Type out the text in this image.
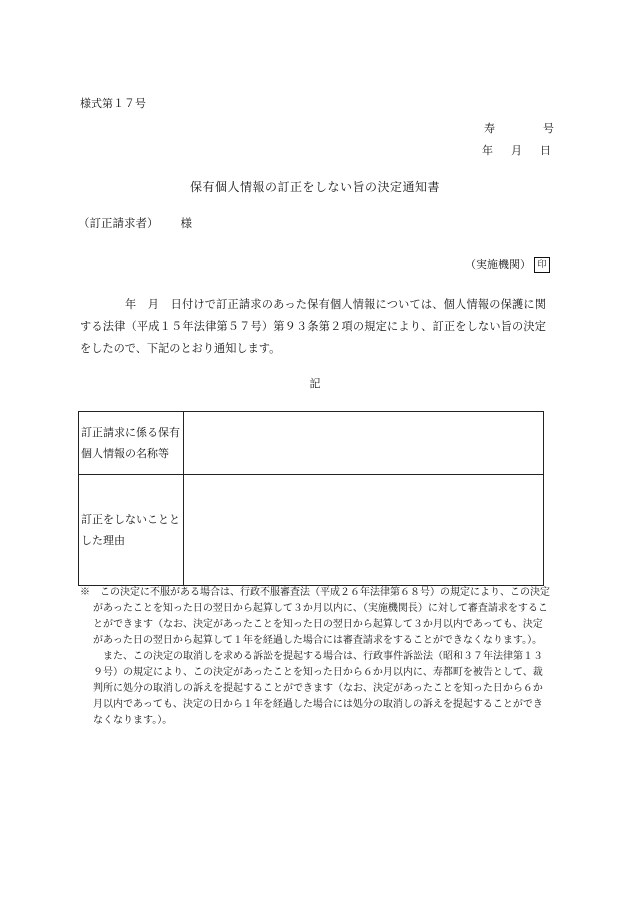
様式第１７号
寿	号
年 月 日
保有個人情報の訂正をしない旨の決定通知書
（訂正請求者） 様
（実施機関） 印
年　月　日付けで訂正請求のあった保有個人情報については、個人情報の保護に関する法律（平成１５年法律第５７号）第９３条第２項の規定により、訂正をしない旨の決定をしたので、下記のとおり通知します。
記
訂正請求に係る保有個人情報の名称等	
訂正をしないこととした理由	

※　 この決定に不服がある場合は、行政不服審査法（平成２６年法律第６８号）の規定により、この決定があったことを知った日の翌日から起算して３か月以内に、（実施機関長）に対して審査請求をすることができます（なお、決定があったことを知った日の翌日から起算して３か月以内であっても、決定があった日の翌日から起算して１年を経過した場合には審査請求をすることができなくなります。）。

また、この決定の取消しを求める訴訟を提起する場合は、行政事件訴訟法（昭和３７年法律第１３９号）の規定により、この決定があったことを知った日から６か月以内に、寿都町を被告として、裁判所に処分の取消しの訴えを提起することができます（なお、決定があったことを知った日から６か月以内であっても、決定の日から１年を経過した場合には処分の取消しの訴えを提起することができなくなります。）。
